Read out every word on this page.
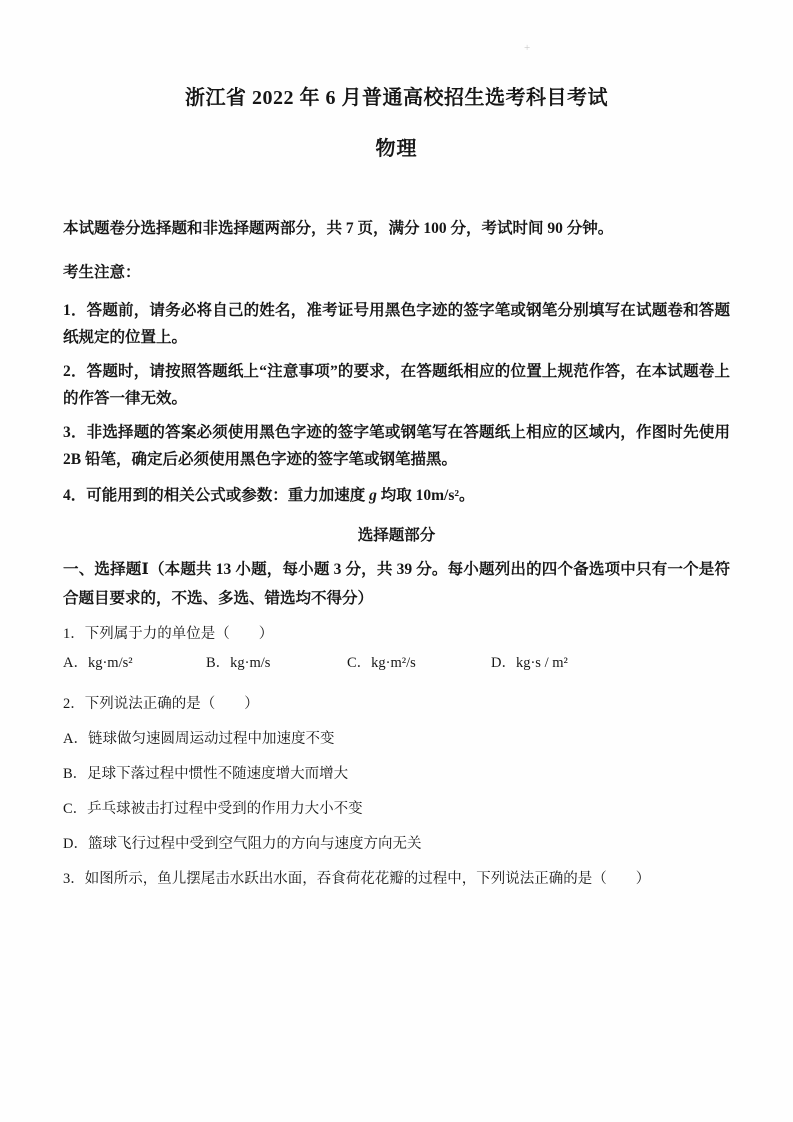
+
浙江省 2022 年 6 月普通高校招生选考科目考试
物理

本试题卷分选择题和非选择题两部分，共 7 页，满分 100 分，考试时间 90 分钟。

考生注意：

1．答题前，请务必将自己的姓名，准考证号用黑色字迹的签字笔或钢笔分别填写在试题卷和答题纸规定的位置上。

2．答题时，请按照答题纸上“注意事项”的要求，在答题纸相应的位置上规范作答，在本试题卷上的作答一律无效。

3．非选择题的答案必须使用黑色字迹的签字笔或钢笔写在答题纸上相应的区域内，作图时先使用 2B 铅笔，确定后必须使用黑色字迹的签字笔或钢笔描黑。

4．可能用到的相关公式或参数：重力加速度 g 均取 10m/s²。

选择题部分

一、选择题Ⅰ（本题共 13 小题，每小题 3 分，共 39 分。每小题列出的四个备选项中只有一个是符合题目要求的，不选、多选、错选均不得分）

1．下列属于力的单位是（　　）

A．kg·m/s²	B．kg·m/s	C．kg·m²/s	D．kg·s / m²

2．下列说法正确的是（　　）

A．链球做匀速圆周运动过程中加速度不变

B．足球下落过程中惯性不随速度增大而增大

C．乒乓球被击打过程中受到的作用力大小不变

D．篮球飞行过程中受到空气阻力的方向与速度方向无关

3．如图所示，鱼儿摆尾击水跃出水面，吞食荷花花瓣的过程中，下列说法正确的是（　　）
